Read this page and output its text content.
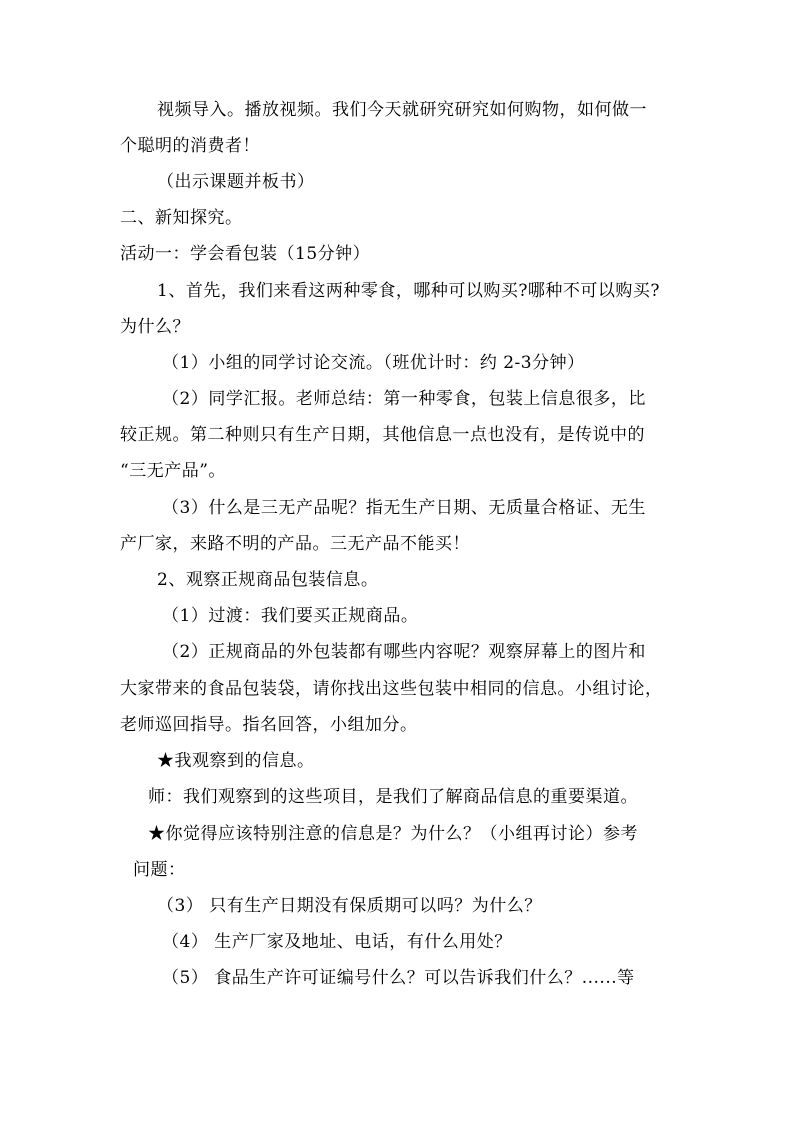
视频导入。播放视频。我们今天就研究研究如何购物，如何做一
个聪明的消费者！
（出示课题并板书）
二、新知探究。
活动一：学会看包装（15分钟）
1、首先，我们来看这两种零食，哪种可以购买?哪种不可以购买?
为什么？
（1）小组的同学讨论交流。（班优计时：约 2-3分钟）
（2）同学汇报。老师总结：第一种零食，包装上信息很多，比
较正规。第二种则只有生产日期，其他信息一点也没有，是传说中的
“三无产品”。
（3）什么是三无产品呢？指无生产日期、无质量合格证、无生
产厂家，来路不明的产品。三无产品不能买！
2、观察正规商品包装信息。
（1）过渡：我们要买正规商品。
（2）正规商品的外包装都有哪些内容呢？观察屏幕上的图片和
大家带来的食品包装袋，请你找出这些包装中相同的信息。小组讨论，
老师巡回指导。指名回答，小组加分。
★我观察到的信息。
师：我们观察到的这些项目，是我们了解商品信息的重要渠道。
★你觉得应该特别注意的信息是？为什么？（小组再讨论）参考
问题：
（3） 只有生产日期没有保质期可以吗？为什么？
（4） 生产厂家及地址、电话，有什么用处？
（5） 食品生产许可证编号什么？可以告诉我们什么？......等
